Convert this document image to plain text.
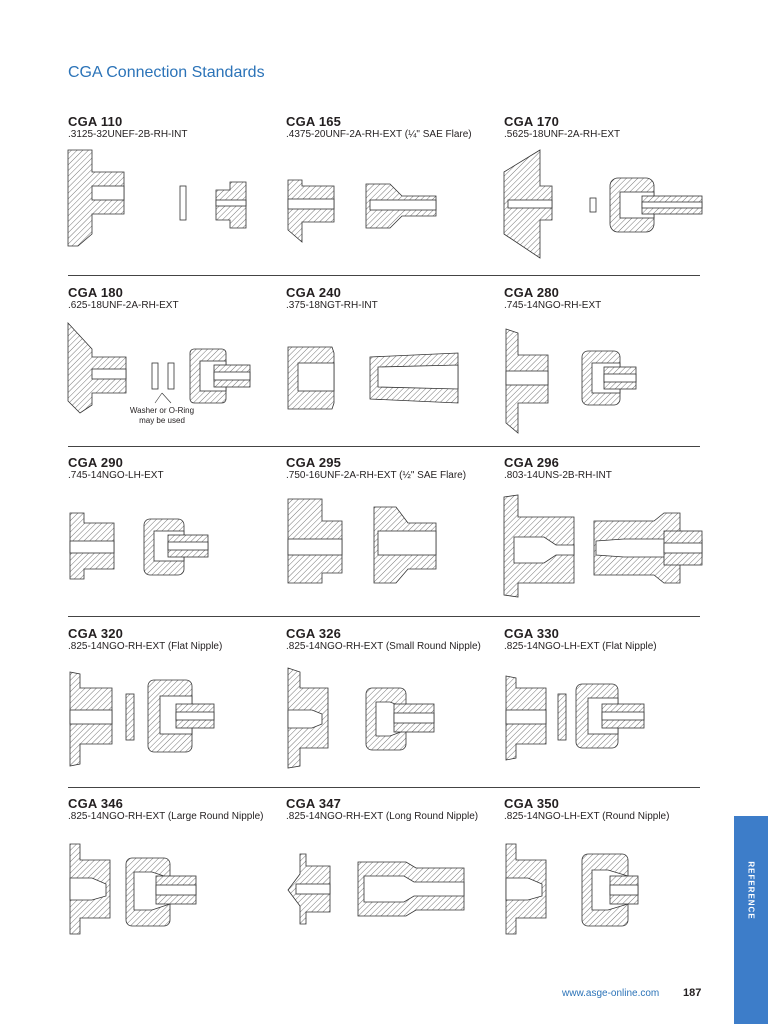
CGA Connection Standards
CGA 110
.3125-32UNEF-2B-RH-INT
CGA 165
.4375-20UNF-2A-RH-EXT (¼" SAE Flare)
CGA 170
.5625-18UNF-2A-RH-EXT
CGA 180
.625-18UNF-2A-RH-EXT
Washer or O-Ring
may be used
CGA 240
.375-18NGT-RH-INT
CGA 280
.745-14NGO-RH-EXT
CGA 290
.745-14NGO-LH-EXT
CGA 295
.750-16UNF-2A-RH-EXT (½" SAE Flare)
CGA 296
.803-14UNS-2B-RH-INT
CGA 320
.825-14NGO-RH-EXT (Flat Nipple)
CGA 326
.825-14NGO-RH-EXT (Small Round Nipple)
CGA 330
.825-14NGO-LH-EXT (Flat Nipple)
CGA 346
.825-14NGO-RH-EXT (Large Round Nipple)
CGA 347
.825-14NGO-RH-EXT (Long Round Nipple)
CGA 350
.825-14NGO-LH-EXT (Round Nipple)
REFERENCE
www.asge-online.com 187
